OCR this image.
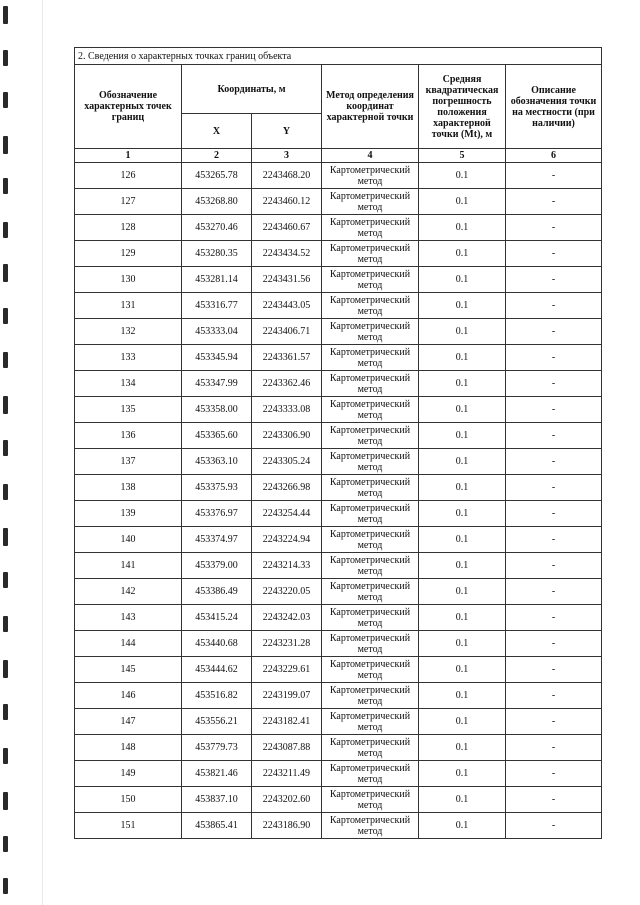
2. Сведения о характерных точках границ объекта					
Обозначение характерных точек границ	Координаты, м		Метод определения координат характерной точки	Средняя квадратическая погрешность положения характерной точки (Mt), м	Описание обозначения точки на местности (при наличии)
	X	Y			
1	2	3	4	5	6
126	453265.78	2243468.20	Картометрический метод	0.1	-
127	453268.80	2243460.12	Картометрический метод	0.1	-
128	453270.46	2243460.67	Картометрический метод	0.1	-
129	453280.35	2243434.52	Картометрический метод	0.1	-
130	453281.14	2243431.56	Картометрический метод	0.1	-
131	453316.77	2243443.05	Картометрический метод	0.1	-
132	453333.04	2243406.71	Картометрический метод	0.1	-
133	453345.94	2243361.57	Картометрический метод	0.1	-
134	453347.99	2243362.46	Картометрический метод	0.1	-
135	453358.00	2243333.08	Картометрический метод	0.1	-
136	453365.60	2243306.90	Картометрический метод	0.1	-
137	453363.10	2243305.24	Картометрический метод	0.1	-
138	453375.93	2243266.98	Картометрический метод	0.1	-
139	453376.97	2243254.44	Картометрический метод	0.1	-
140	453374.97	2243224.94	Картометрический метод	0.1	-
141	453379.00	2243214.33	Картометрический метод	0.1	-
142	453386.49	2243220.05	Картометрический метод	0.1	-
143	453415.24	2243242.03	Картометрический метод	0.1	-
144	453440.68	2243231.28	Картометрический метод	0.1	-
145	453444.62	2243229.61	Картометрический метод	0.1	-
146	453516.82	2243199.07	Картометрический метод	0.1	-
147	453556.21	2243182.41	Картометрический метод	0.1	-
148	453779.73	2243087.88	Картометрический метод	0.1	-
149	453821.46	2243211.49	Картометрический метод	0.1	-
150	453837.10	2243202.60	Картометрический метод	0.1	-
151	453865.41	2243186.90	Картометрический метод	0.1	-
